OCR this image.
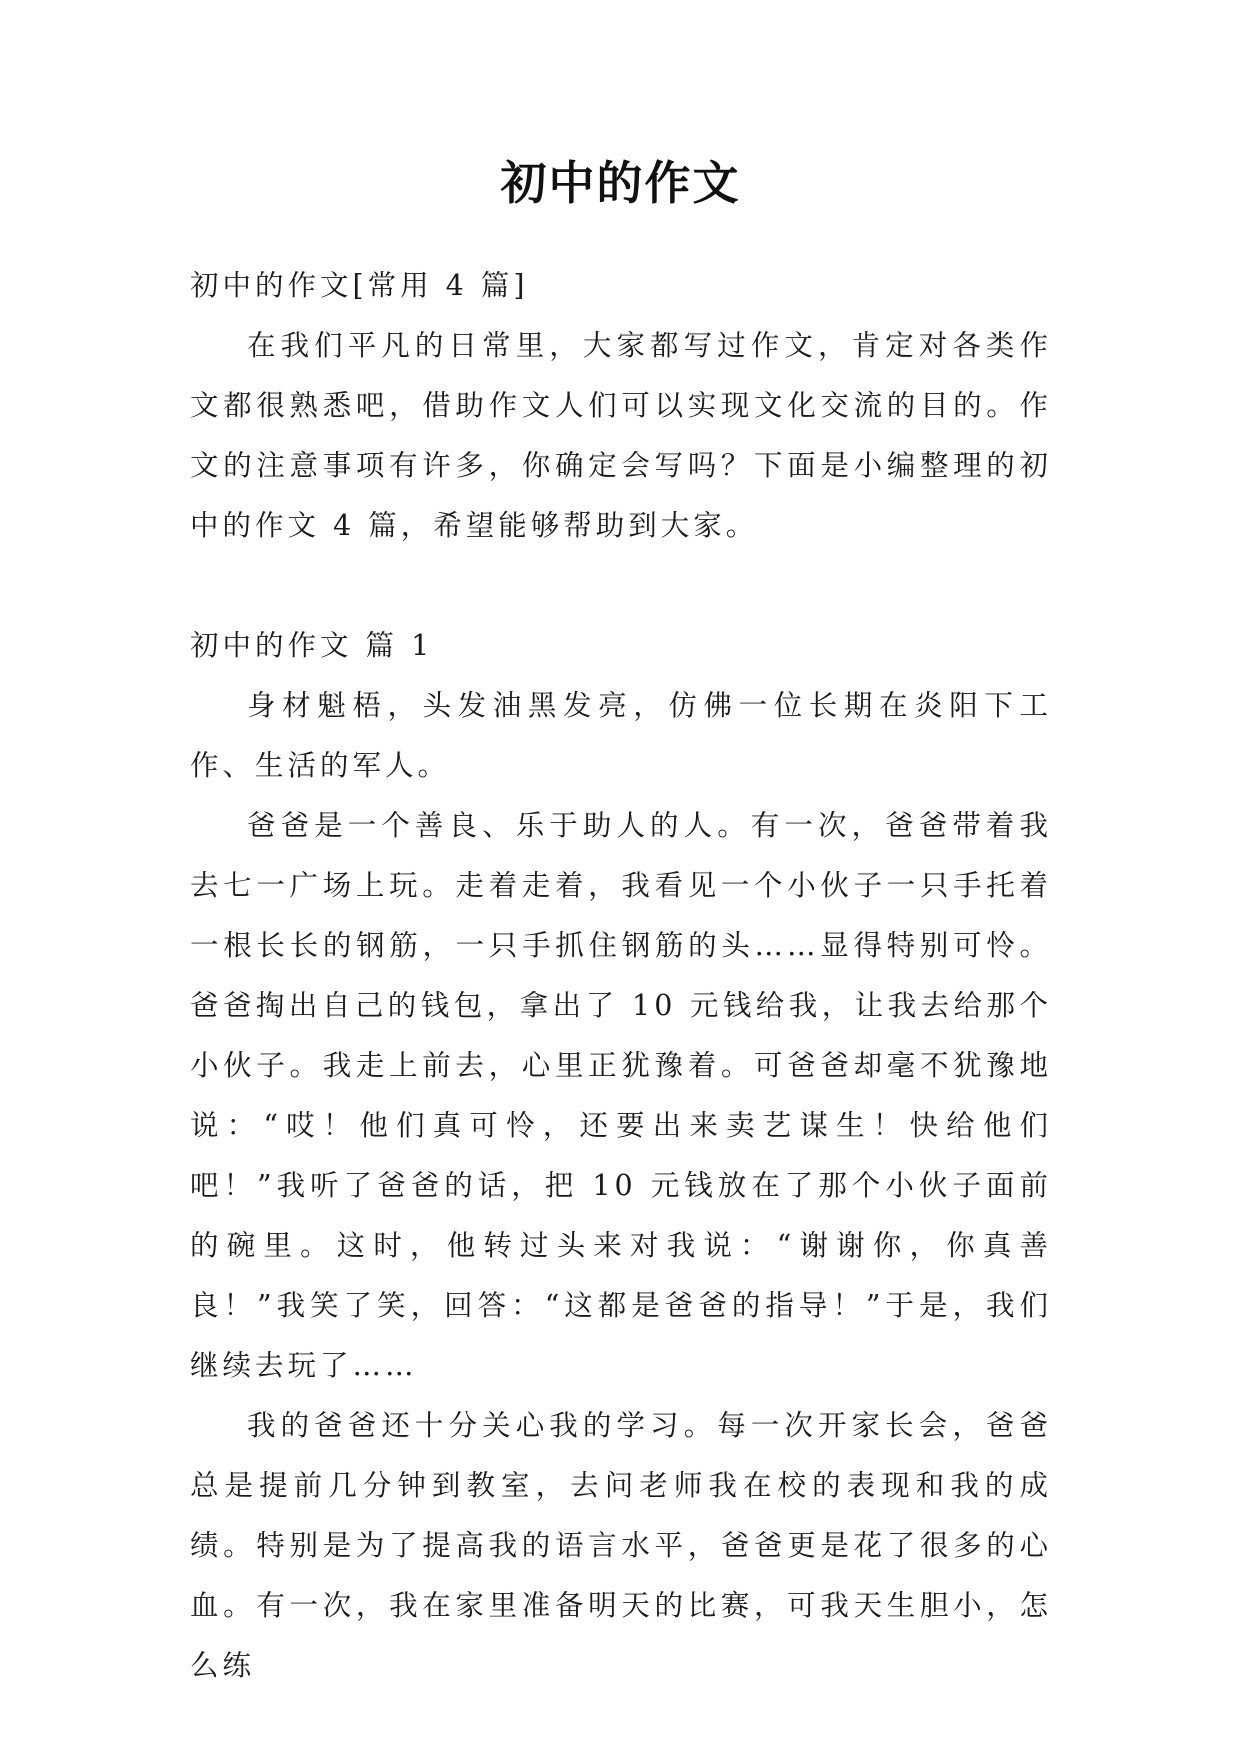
初中的作文

初中的作文[常用 4 篇]

在我们平凡的日常里，大家都写过作文，肯定对各类作文都很熟悉吧，借助作文人们可以实现文化交流的目的。作文的注意事项有许多，你确定会写吗？下面是小编整理的初中的作文 4 篇，希望能够帮助到大家。

初中的作文 篇 1

身材魁梧，头发油黑发亮，仿佛一位长期在炎阳下工作、生活的军人。

爸爸是一个善良、乐于助人的人。有一次，爸爸带着我去七一广场上玩。走着走着，我看见一个小伙子一只手托着一根长长的钢筋，一只手抓住钢筋的头……显得特别可怜。爸爸掏出自己的钱包，拿出了 10 元钱给我，让我去给那个小伙子。我走上前去，心里正犹豫着。可爸爸却毫不犹豫地说：“哎！他们真可怜，还要出来卖艺谋生！快给他们吧！”我听了爸爸的话，把 10 元钱放在了那个小伙子面前的碗里。这时，他转过头来对我说：“谢谢你，你真善良！”我笑了笑，回答：“这都是爸爸的指导！”于是，我们继续去玩了……

我的爸爸还十分关心我的学习。每一次开家长会，爸爸总是提前几分钟到教室，去问老师我在校的表现和我的成绩。特别是为了提高我的语言水平，爸爸更是花了很多的心血。有一次，我在家里准备明天的比赛，可我天生胆小，怎么练
